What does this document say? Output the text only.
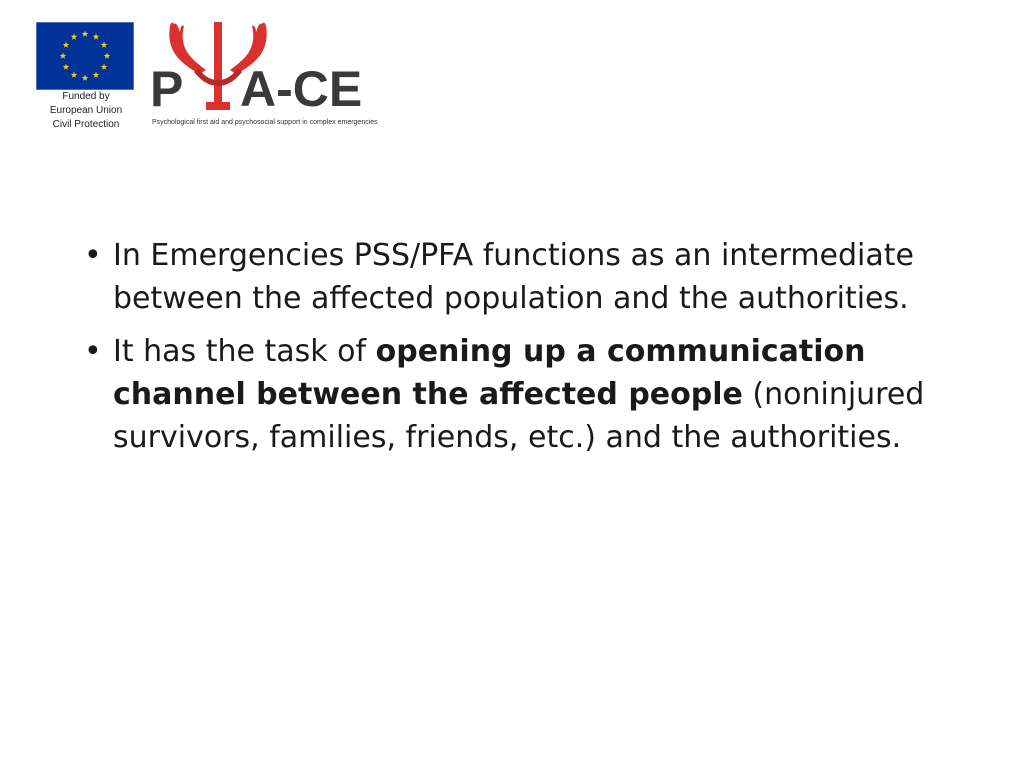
Funded by
European Union
Civil Protection
P A-CE
Psychological first aid and psychosocial support in complex emergencies
• In Emergencies PSS/PFA functions as an intermediate between the affected population and the authorities.
• It has the task of opening up a communication channel between the affected people (noninjured survivors, families, friends, etc.) and the authorities.
